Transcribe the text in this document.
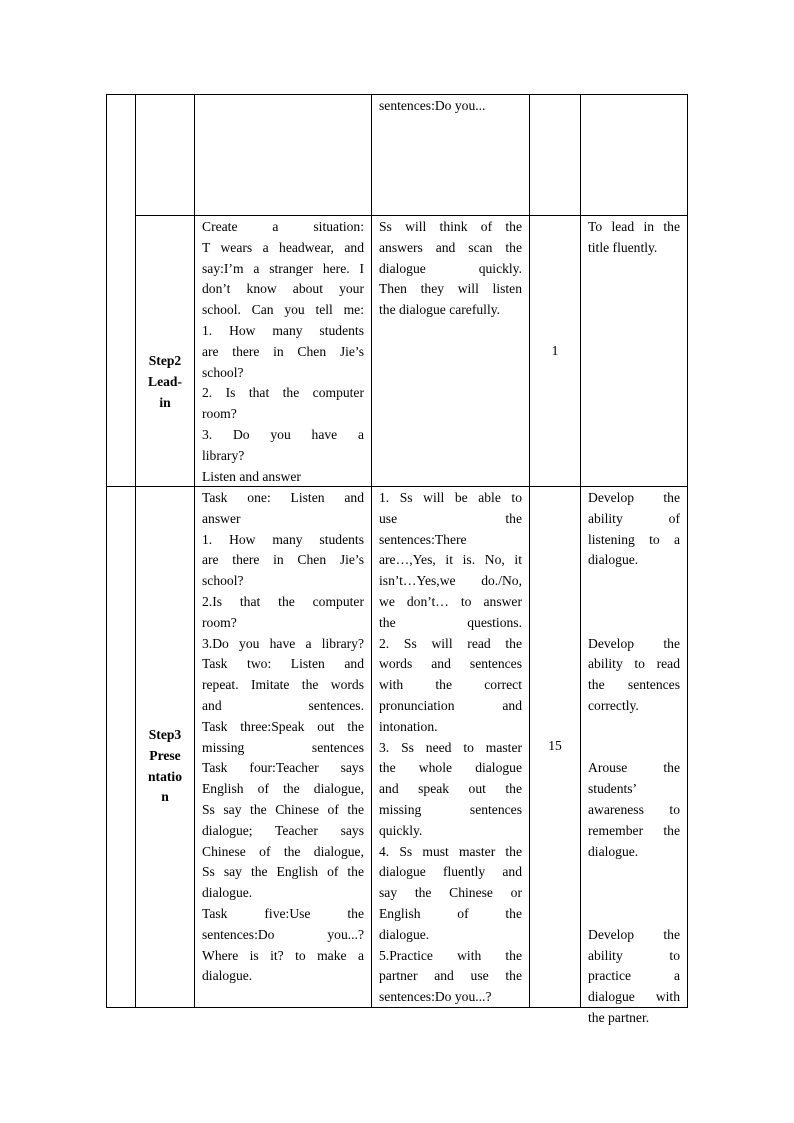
sentences:Do you...
Step2
Lead-
in
Create a situation:
T wears a headwear, and
say:I’m a stranger here. I
don’t know about your
school. Can you tell me:
1. How many students
are there in Chen Jie’s
school?
2. Is that the computer
room?
3. Do you have a
library?
Listen and answer
Ss will think of the
answers and scan the
dialogue quickly.
Then they will listen
the dialogue carefully.
1
To lead in the
title fluently.
Step3
Prese
ntatio
n
Task one: Listen and
answer
1. How many students
are there in Chen Jie’s
school?
2.Is that the computer
room?
3.Do you have a library?
Task two: Listen and
repeat. Imitate the words
and sentences.
Task three:Speak out the
missing sentences
Task four:Teacher says
English of the dialogue,
Ss say the Chinese of the
dialogue; Teacher says
Chinese of the dialogue,
Ss say the English of the
dialogue.
Task five:Use the
sentences:Do you...?
Where is it? to make a
dialogue.
1. Ss will be able to
use the
sentences:There
are…,Yes, it is. No, it
isn’t…Yes,we do./No,
we don’t… to answer
the questions.
2. Ss will read the
words and sentences
with the correct
pronunciation and
intonation.
3. Ss need to master
the whole dialogue
and speak out the
missing sentences
quickly.
4. Ss must master the
dialogue fluently and
say the Chinese or
English of the
dialogue.
5.Practice with the
partner and use the
sentences:Do you...?
15
Develop the
ability of
listening to a
dialogue.

Develop the
ability to read
the sentences
correctly.

Arouse the
students’
awareness to
remember the
dialogue.

Develop the
ability to
practice a
dialogue with
the partner.
